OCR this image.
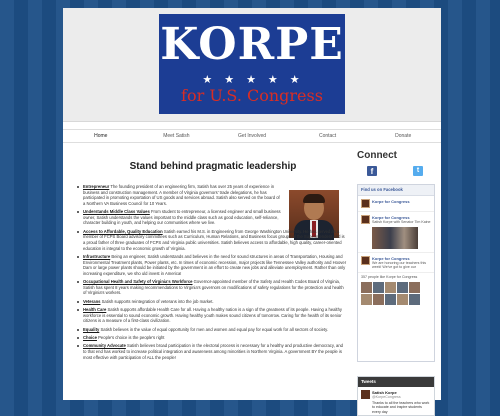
KORPE
★★★★★
for U.S. Congress
Home	Meet Satish	Get Involved	Contact	Donate
Stand behind pragmatic leadership
Entrepreneur The founding president of an engineering firm, Satish has over 25 years of experience in business and construction management. A member of Virginia governors' trade delegations, he has participated in promoting exportation of US goods and services abroad. Satish also served on the board of a Northern VA Business Council for 10 Years.
Understands Middle Class Values From student to entrepreneur, a licensed engineer and small business owner, Satish understands the values important to the middle class such as good education, self-reliance, character building in youth, and helping our communities where we live.
Access to Affordable, Quality Education Satish earned his M.S. in Engineering from George Washington University. He has served as a member of FCPS Board advisory committees such as Curriculum, Human Relations, and Business focus groups of the Superintendent and is a proud father of three graduates of FCPS and Virginia public universities. Satish believes access to affordable, high quality, career-oriented education is integral to the economic growth of Virginia.
Infrastructure Being an engineer, Satish understands and believes in the need for sound structures in areas of Transportation, Housing and Environmental Treatment plants, Power plants, etc. In times of economic recession, major projects like Tennessee Valley authority and Hoover Dam or large power plants should be initiated by the government in an effort to create new jobs and alleviate unemployment. Rather than only increasing expenditure, we sho uld invest in America!
Occupational Health and Safety of Virginia's Workforce Governor-appointed member of the Safety and Health Codes Board of Virginia, Satish has spent 8 years making recommendations to Virginia's governors on modifications of safety regulations for the protection and health of Virginia's workers.
Veterans Satish supports reintegration of veterans into the job market.
Health Care Satish supports affordable Health Care for all. Having a healthy nation is a sign of the greatness of its people. Having a healthy workforce is essential to sound economic growth. Having healthy youth makes sound citizens of tomorrow. Caring for the health of its senior citizens is a measure of a first-class civilization.
Equality Satish believes in the value of equal opportunity for men and women and equal pay for equal work for all sectors of society.
Choice People's choice is the people's right
Community Advocate Satish believes broad participation in the electoral process is necessary for a healthy and productive democracy, and to that end has worked to increase political integration and awareness among minorities in Northern Virginia. A government BY the people is most effective with participation of ALL the people!
Connect
f	t
Find us on Facebook
Korpe for Congress
Korpe for Congress
Satish Korpe with Senator Tim Kaine
Korpe for Congress
We are honoring our teachers this week! We've got to give our
357 people like Korpe for Congress
Tweets
Satish Korpe
@KorpeCongress
Thanks to all the teachers who work to educate and inspire students every day
